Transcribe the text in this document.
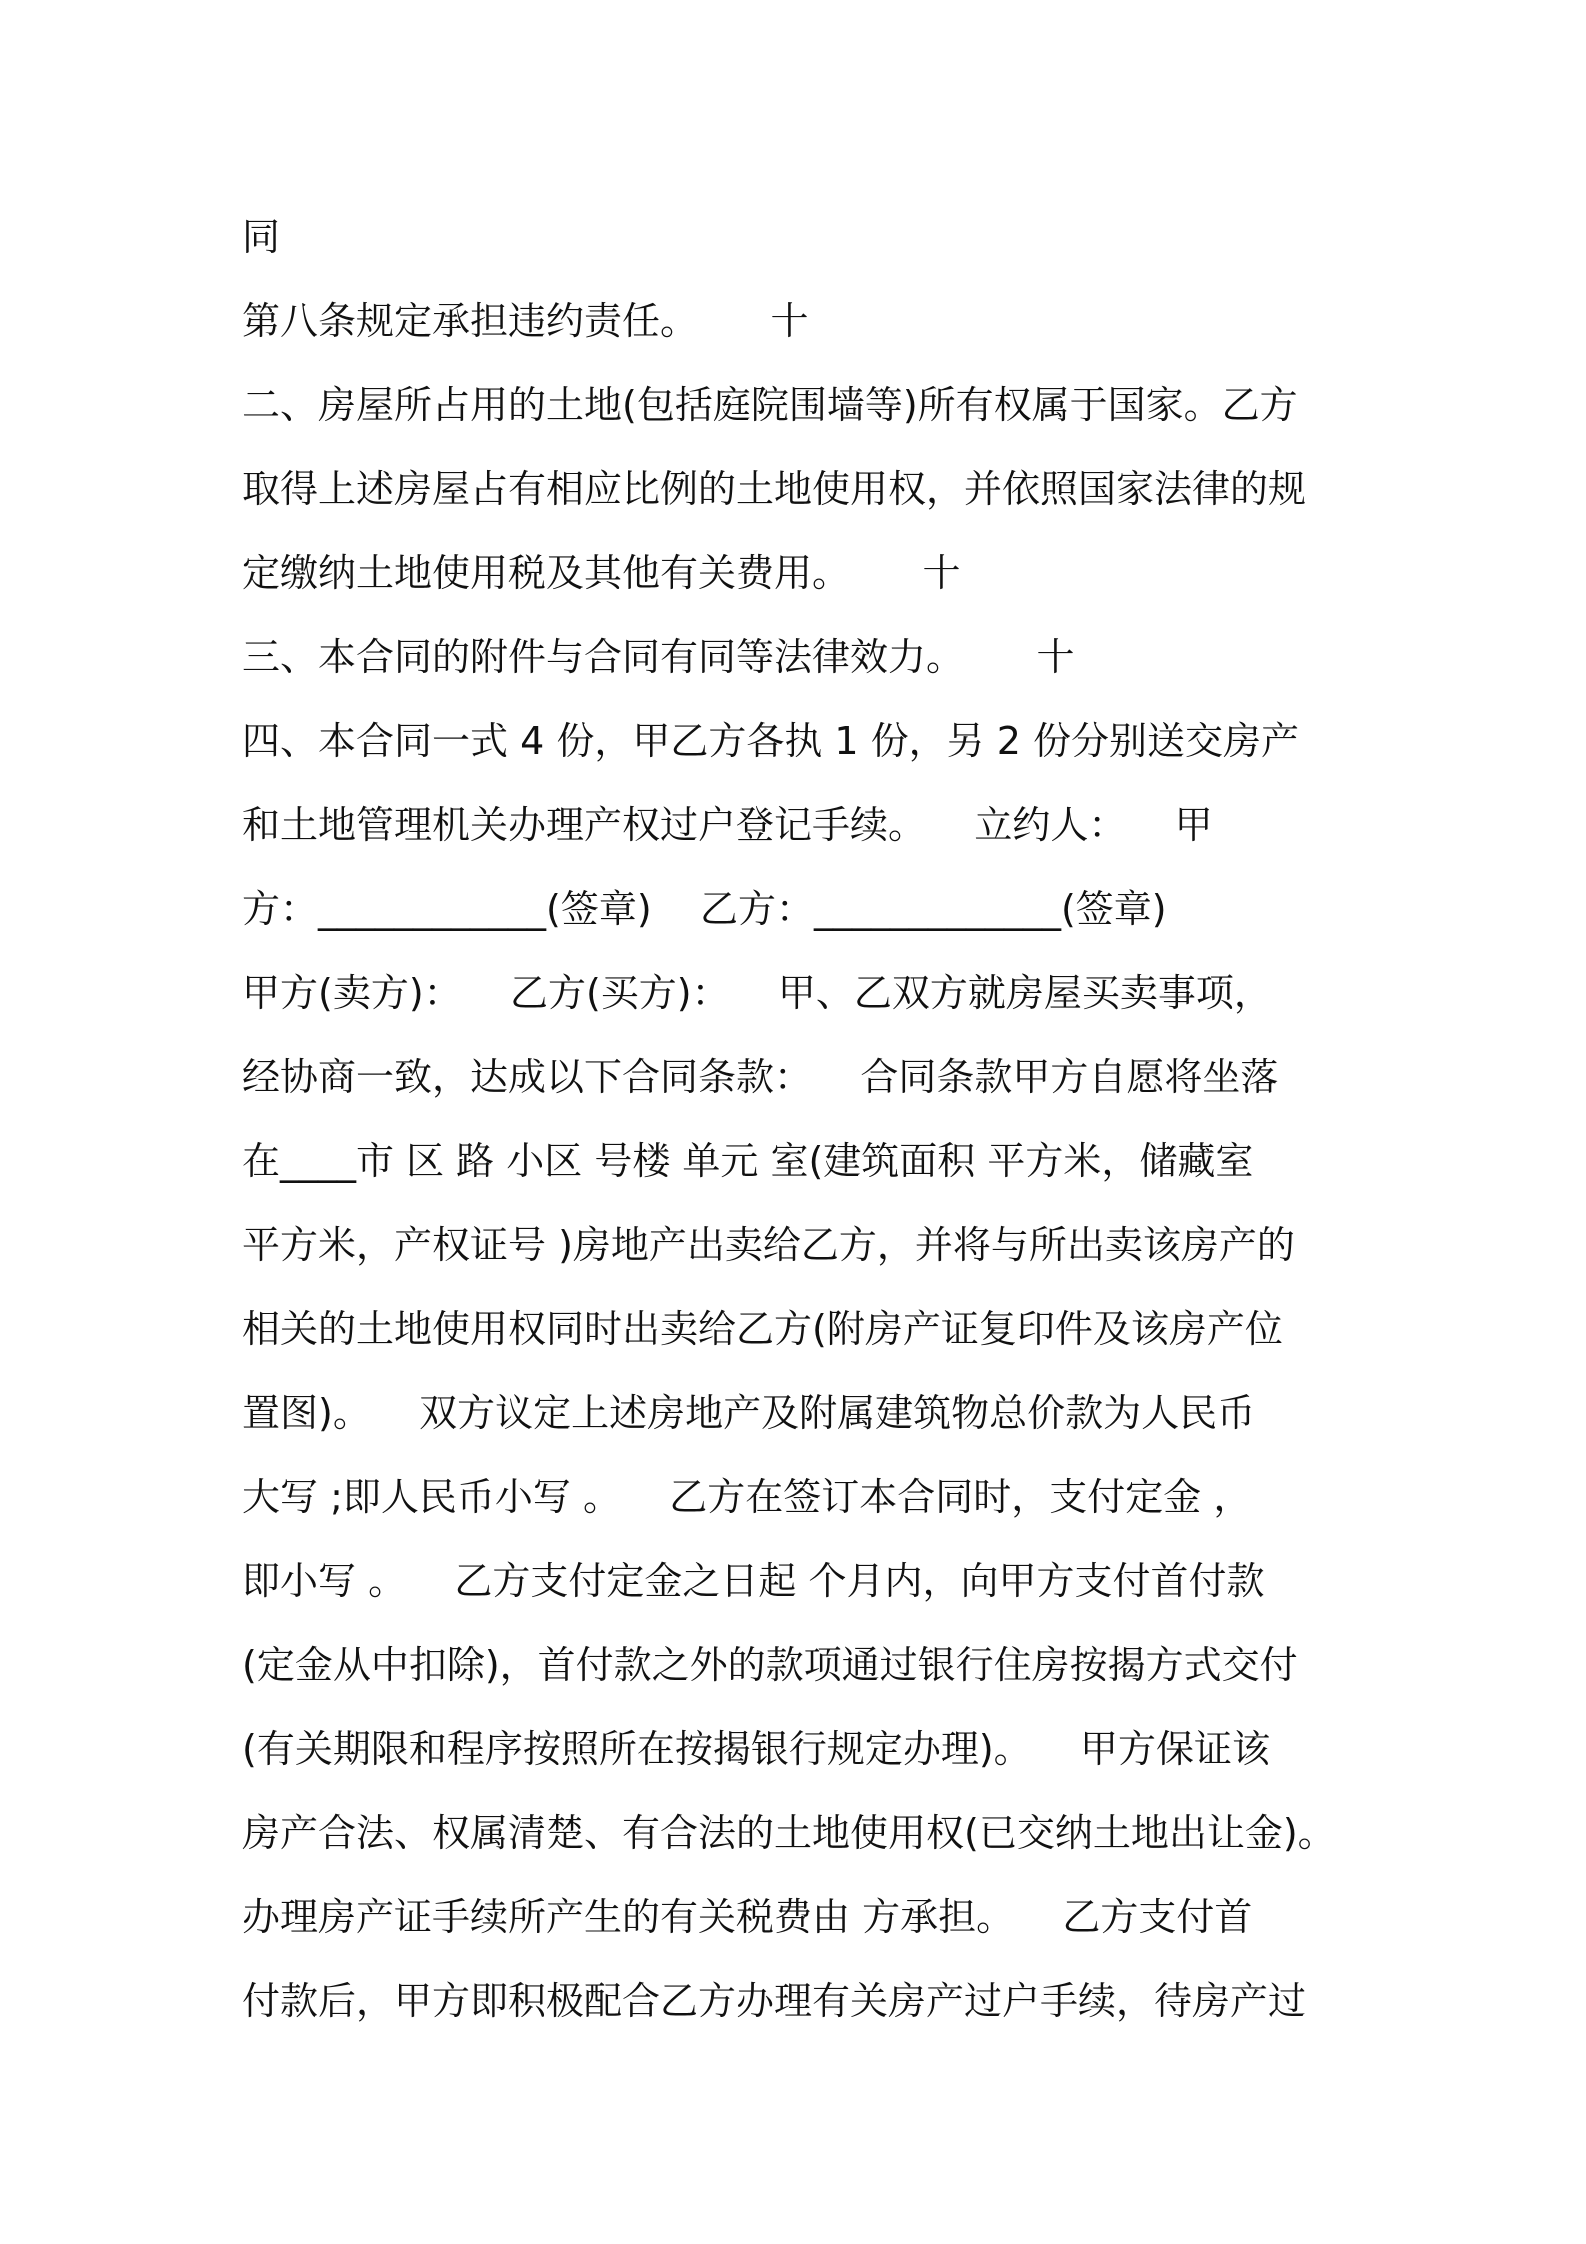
同
第八条规定承担违约责任。      十
二、房屋所占用的土地(包括庭院围墙等)所有权属于国家。乙方
取得上述房屋占有相应比例的土地使用权，并依照国家法律的规
定缴纳土地使用税及其他有关费用。      十
三、本合同的附件与合同有同等法律效力。      十
四、本合同一式 4 份，甲乙方各执 1 份，另 2 份分别送交房产
和土地管理机关办理产权过户登记手续。    立约人：    甲
方：____________(签章)    乙方：_____________(签章)
甲方(卖方)：    乙方(买方)：    甲、乙双方就房屋买卖事项，
经协商一致，达成以下合同条款：    合同条款甲方自愿将坐落
在____市 区 路 小区 号楼 单元 室(建筑面积 平方米，储藏室
平方米，产权证号 )房地产出卖给乙方，并将与所出卖该房产的
相关的土地使用权同时出卖给乙方(附房产证复印件及该房产位
置图)。    双方议定上述房地产及附属建筑物总价款为人民币
大写 ;即人民币小写 。    乙方在签订本合同时，支付定金 ，
即小写 。    乙方支付定金之日起 个月内，向甲方支付首付款
(定金从中扣除)，首付款之外的款项通过银行住房按揭方式交付
(有关期限和程序按照所在按揭银行规定办理)。    甲方保证该
房产合法、权属清楚、有合法的土地使用权(已交纳土地出让金)。
办理房产证手续所产生的有关税费由 方承担。    乙方支付首
付款后，甲方即积极配合乙方办理有关房产过户手续，待房产过
